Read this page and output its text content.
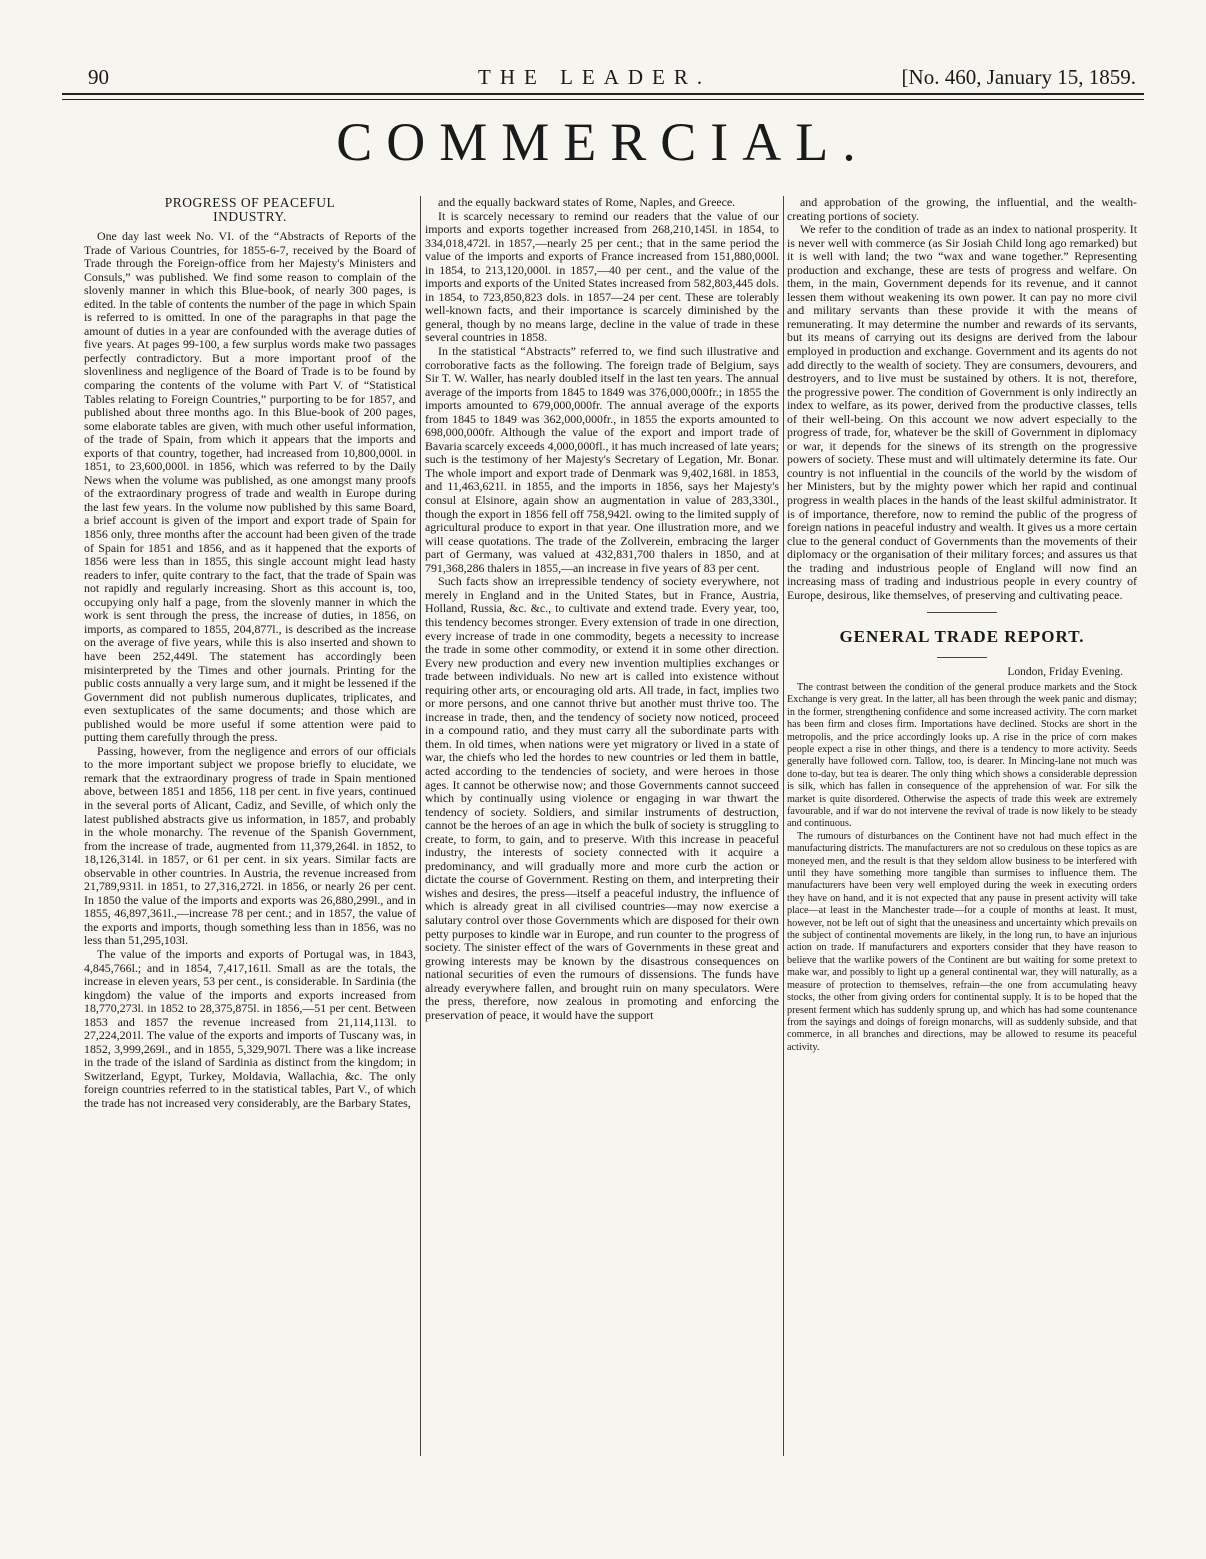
90	THE LEADER.	[No. 460, January 15, 1859.
COMMERCIAL.
PROGRESS OF PEACEFUL
INDUSTRY.

One day last week No. VI. of the “Abstracts of Reports of the Trade of Various Countries, for 1855-6-7, received by the Board of Trade through the Foreign-office from her Majesty's Ministers and Consuls,” was published. We find some reason to complain of the slovenly manner in which this Blue-book, of nearly 300 pages, is edited. In the table of contents the number of the page in which Spain is referred to is omitted. In one of the paragraphs in that page the amount of duties in a year are confounded with the average duties of five years. At pages 99-100, a few surplus words make two passages perfectly contradictory. But a more important proof of the slovenliness and negligence of the Board of Trade is to be found by comparing the contents of the volume with Part V. of “Statistical Tables relating to Foreign Countries,” purporting to be for 1857, and published about three months ago. In this Blue-book of 200 pages, some elaborate tables are given, with much other useful information, of the trade of Spain, from which it appears that the imports and exports of that country, together, had increased from 10,800,000l. in 1851, to 23,600,000l. in 1856, which was referred to by the Daily News when the volume was published, as one amongst many proofs of the extraordinary progress of trade and wealth in Europe during the last few years. In the volume now published by this same Board, a brief account is given of the import and export trade of Spain for 1856 only, three months after the account had been given of the trade of Spain for 1851 and 1856, and as it happened that the exports of 1856 were less than in 1855, this single account might lead hasty readers to infer, quite contrary to the fact, that the trade of Spain was not rapidly and regularly increasing. Short as this account is, too, occupying only half a page, from the slovenly manner in which the work is sent through the press, the increase of duties, in 1856, on imports, as compared to 1855, 204,877l., is described as the increase on the average of five years, while this is also inserted and shown to have been 252,449l. The statement has accordingly been misinterpreted by the Times and other journals. Printing for the public costs annually a very large sum, and it might be lessened if the Government did not publish numerous duplicates, triplicates, and even sextuplicates of the same documents; and those which are published would be more useful if some attention were paid to putting them carefully through the press.

Passing, however, from the negligence and errors of our officials to the more important subject we propose briefly to elucidate, we remark that the extraordinary progress of trade in Spain mentioned above, between 1851 and 1856, 118 per cent. in five years, continued in the several ports of Alicant, Cadiz, and Seville, of which only the latest published abstracts give us information, in 1857, and probably in the whole monarchy. The revenue of the Spanish Government, from the increase of trade, augmented from 11,379,264l. in 1852, to 18,126,314l. in 1857, or 61 per cent. in six years. Similar facts are observable in other countries. In Austria, the revenue increased from 21,789,931l. in 1851, to 27,316,272l. in 1856, or nearly 26 per cent. In 1850 the value of the imports and exports was 26,880,299l., and in 1855, 46,897,361l.,—increase 78 per cent.; and in 1857, the value of the exports and imports, though something less than in 1856, was no less than 51,295,103l.

The value of the imports and exports of Portugal was, in 1843, 4,845,766l.; and in 1854, 7,417,161l. Small as are the totals, the increase in eleven years, 53 per cent., is considerable. In Sardinia (the kingdom) the value of the imports and exports increased from 18,770,273l. in 1852 to 28,375,875l. in 1856,—51 per cent. Between 1853 and 1857 the revenue increased from 21,114,113l. to 27,224,201l. The value of the exports and imports of Tuscany was, in 1852, 3,999,269l., and in 1855, 5,329,907l. There was a like increase in the trade of the island of Sardinia as distinct from the kingdom; in Switzerland, Egypt, Turkey, Moldavia, Wallachia, &c. The only foreign countries referred to in the statistical tables, Part V., of which the trade has not increased very considerably, are the Barbary States,

and the equally backward states of Rome, Naples, and Greece.

It is scarcely necessary to remind our readers that the value of our imports and exports together increased from 268,210,145l. in 1854, to 334,018,472l. in 1857,—nearly 25 per cent.; that in the same period the value of the imports and exports of France increased from 151,880,000l. in 1854, to 213,120,000l. in 1857,—40 per cent., and the value of the imports and exports of the United States increased from 582,803,445 dols. in 1854, to 723,850,823 dols. in 1857—24 per cent. These are tolerably well-known facts, and their importance is scarcely diminished by the general, though by no means large, decline in the value of trade in these several countries in 1858.

In the statistical “Abstracts” referred to, we find such illustrative and corroborative facts as the following. The foreign trade of Belgium, says Sir T. W. Waller, has nearly doubled itself in the last ten years. The annual average of the imports from 1845 to 1849 was 376,000,000fr.; in 1855 the imports amounted to 679,000,000fr. The annual average of the exports from 1845 to 1849 was 362,000,000fr., in 1855 the exports amounted to 698,000,000fr. Although the value of the export and import trade of Bavaria scarcely exceeds 4,000,000fl., it has much increased of late years; such is the testimony of her Majesty's Secretary of Legation, Mr. Bonar. The whole import and export trade of Denmark was 9,402,168l. in 1853, and 11,463,621l. in 1855, and the imports in 1856, says her Majesty's consul at Elsinore, again show an augmentation in value of 283,330l., though the export in 1856 fell off 758,942l. owing to the limited supply of agricultural produce to export in that year. One illustration more, and we will cease quotations. The trade of the Zollverein, embracing the larger part of Germany, was valued at 432,831,700 thalers in 1850, and at 791,368,286 thalers in 1855,—an increase in five years of 83 per cent.

Such facts show an irrepressible tendency of society everywhere, not merely in England and in the United States, but in France, Austria, Holland, Russia, &c. &c., to cultivate and extend trade. Every year, too, this tendency becomes stronger. Every extension of trade in one direction, every increase of trade in one commodity, begets a necessity to increase the trade in some other commodity, or extend it in some other direction. Every new production and every new invention multiplies exchanges or trade between individuals. No new art is called into existence without requiring other arts, or encouraging old arts. All trade, in fact, implies two or more persons, and one cannot thrive but another must thrive too. The increase in trade, then, and the tendency of society now noticed, proceed in a compound ratio, and they must carry all the subordinate parts with them. In old times, when nations were yet migratory or lived in a state of war, the chiefs who led the hordes to new countries or led them in battle, acted according to the tendencies of society, and were heroes in those ages. It cannot be otherwise now; and those Governments cannot succeed which by continually using violence or engaging in war thwart the tendency of society. Soldiers, and similar instruments of destruction, cannot be the heroes of an age in which the bulk of society is struggling to create, to form, to gain, and to preserve. With this increase in peaceful industry, the interests of society connected with it acquire a predominancy, and will gradually more and more curb the action or dictate the course of Government. Resting on them, and interpreting their wishes and desires, the press—itself a peaceful industry, the influence of which is already great in all civilised countries—may now exercise a salutary control over those Governments which are disposed for their own petty purposes to kindle war in Europe, and run counter to the progress of society. The sinister effect of the wars of Governments in these great and growing interests may be known by the disastrous consequences on national securities of even the rumours of dissensions. The funds have already everywhere fallen, and brought ruin on many speculators. Were the press, therefore, now zealous in promoting and enforcing the preservation of peace, it would have the support

and approbation of the growing, the influential, and the wealth-creating portions of society.

We refer to the condition of trade as an index to national prosperity. It is never well with commerce (as Sir Josiah Child long ago remarked) but it is well with land; the two “wax and wane together.” Representing production and exchange, these are tests of progress and welfare. On them, in the main, Government depends for its revenue, and it cannot lessen them without weakening its own power. It can pay no more civil and military servants than these provide it with the means of remunerating. It may determine the number and rewards of its servants, but its means of carrying out its designs are derived from the labour employed in production and exchange. Government and its agents do not add directly to the wealth of society. They are consumers, devourers, and destroyers, and to live must be sustained by others. It is not, therefore, the progressive power. The condition of Government is only indirectly an index to welfare, as its power, derived from the productive classes, tells of their well-being. On this account we now advert especially to the progress of trade, for, whatever be the skill of Government in diplomacy or war, it depends for the sinews of its strength on the progressive powers of society. These must and will ultimately determine its fate. Our country is not influential in the councils of the world by the wisdom of her Ministers, but by the mighty power which her rapid and continual progress in wealth places in the hands of the least skilful administrator. It is of importance, therefore, now to remind the public of the progress of foreign nations in peaceful industry and wealth. It gives us a more certain clue to the general conduct of Governments than the movements of their diplomacy or the organisation of their military forces; and assures us that the trading and industrious people of England will now find an increasing mass of trading and industrious people in every country of Europe, desirous, like themselves, of preserving and cultivating peace.

GENERAL TRADE REPORT.
London, Friday Evening.

The contrast between the condition of the general produce markets and the Stock Exchange is very great. In the latter, all has been through the week panic and dismay; in the former, strengthening confidence and some increased activity. The corn market has been firm and closes firm. Importations have declined. Stocks are short in the metropolis, and the price accordingly looks up. A rise in the price of corn makes people expect a rise in other things, and there is a tendency to more activity. Seeds generally have followed corn. Tallow, too, is dearer. In Mincing-lane not much was done to-day, but tea is dearer. The only thing which shows a considerable depression is silk, which has fallen in consequence of the apprehension of war. For silk the market is quite disordered. Otherwise the aspects of trade this week are extremely favourable, and if war do not intervene the revival of trade is now likely to be steady and continuous.

The rumours of disturbances on the Continent have not had much effect in the manufacturing districts. The manufacturers are not so credulous on these topics as are moneyed men, and the result is that they seldom allow business to be interfered with until they have something more tangible than surmises to influence them. The manufacturers have been very well employed during the week in executing orders they have on hand, and it is not expected that any pause in present activity will take place—at least in the Manchester trade—for a couple of months at least. It must, however, not be left out of sight that the uneasiness and uncertainty which prevails on the subject of continental movements are likely, in the long run, to have an injurious action on trade. If manufacturers and exporters consider that they have reason to believe that the warlike powers of the Continent are but waiting for some pretext to make war, and possibly to light up a general continental war, they will naturally, as a measure of protection to themselves, refrain—the one from accumulating heavy stocks, the other from giving orders for continental supply. It is to be hoped that the present ferment which has suddenly sprung up, and which has had some countenance from the sayings and doings of foreign monarchs, will as suddenly subside, and that commerce, in all branches and directions, may be allowed to resume its peaceful activity.
